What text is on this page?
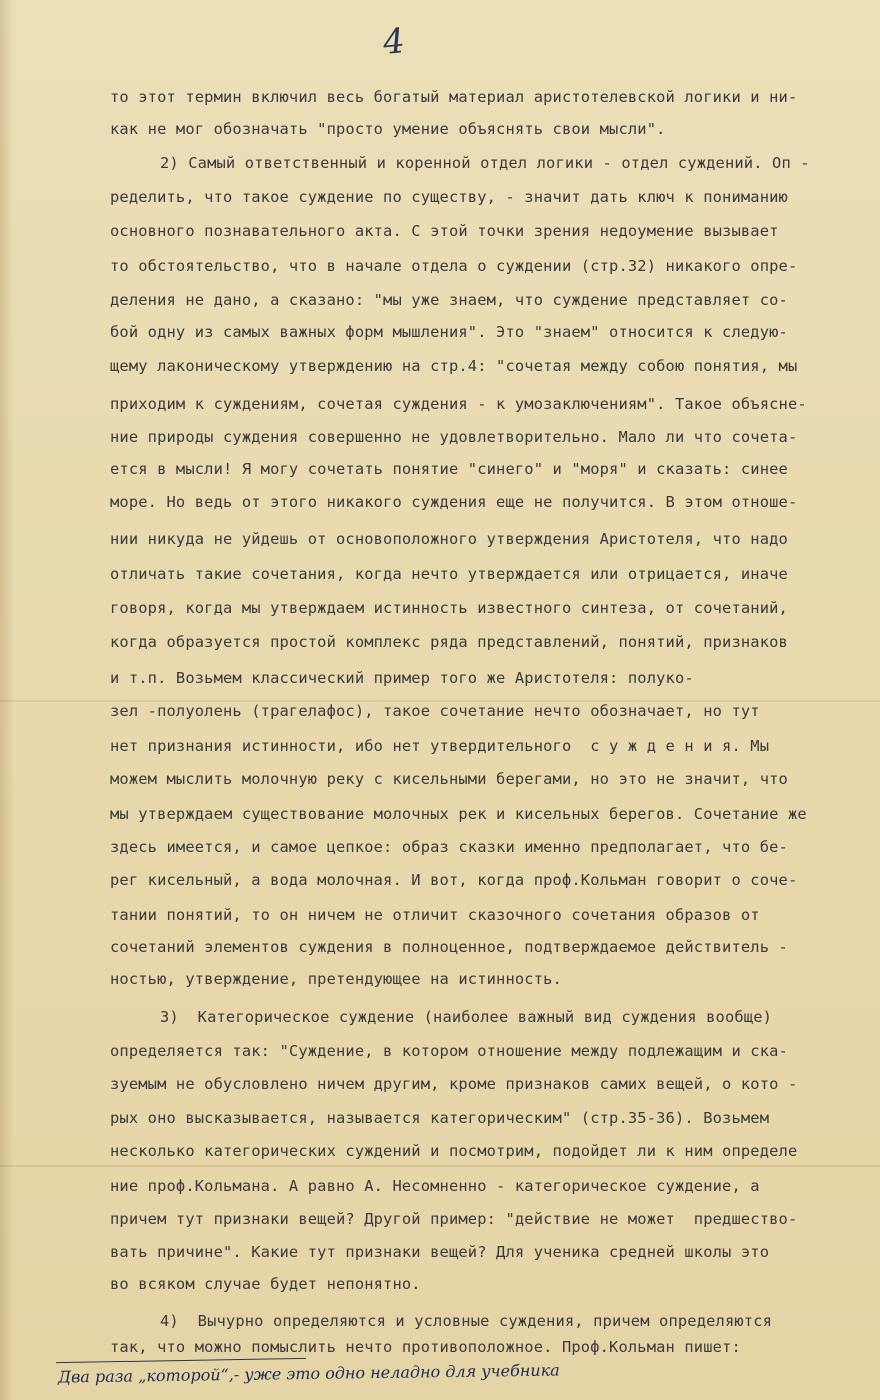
4
то этот термин включил весь богатый материал аристотелевской логики и ни-
как не мог обозначать "просто умение объяснять свои мысли".
2) Самый ответственный и коренной отдел логики - отдел суждений. Оп -
ределить, что такое суждение по существу, - значит дать ключ к пониманию
основного познавательного акта. С этой точки зрения недоумение вызывает
то обстоятельство, что в начале отдела о суждении (стр.32) никакого опре-
деления не дано, а сказано: "мы уже знаем, что суждение представляет со-
бой одну из самых важных форм мышления". Это "знаем" относится к следую-
щему лаконическому утверждению на стр.4: "сочетая между собою понятия, мы
приходим к суждениям, сочетая суждения - к умозаключениям". Такое объясне-
ние природы суждения совершенно не удовлетворительно. Мало ли что сочета-
ется в мысли! Я могу сочетать понятие "синего" и "моря" и сказать: синее
море. Но ведь от этого никакого суждения еще не получится. В этом отноше-
нии никуда не уйдешь от основоположного утверждения Аристотеля, что надо
отличать такие сочетания, когда нечто утверждается или отрицается, иначе
говоря, когда мы утверждаем истинность известного синтеза, от сочетаний,
когда образуется простой комплекс ряда представлений, понятий, признаков
и т.п. Возьмем классический пример того же Аристотеля: полуко-
зел -полуолень (трагелафос), такое сочетание нечто обозначает, но тут
нет признания истинности, ибо нет утвердительного  с у ж д е н и я. Мы
можем мыслить молочную реку с кисельными берегами, но это не значит, что
мы утверждаем существование молочных рек и кисельных берегов. Сочетание же
здесь имеется, и самое цепкое: образ сказки именно предполагает, что бе-
рег кисельный, а вода молочная. И вот, когда проф.Кольман говорит о соче-
тании понятий, то он ничем не отличит сказочного сочетания образов от
сочетаний элементов суждения в полноценное, подтверждаемое действитель -
ностью, утверждение, претендующее на истинность.
3)  Категорическое суждение (наиболее важный вид суждения вообще)
определяется так: "Суждение, в котором отношение между подлежащим и ска-
зуемым не обусловлено ничем другим, кроме признаков самих вещей, о кото -
рых оно высказывается, называется категорическим" (стр.35-36). Возьмем
несколько категорических суждений и посмотрим, подойдет ли к ним определе
ние проф.Кольмана. А равно А. Несомненно - категорическое суждение, а
причем тут признаки вещей? Другой пример: "действие не может  предшество-
вать причине". Какие тут признаки вещей? Для ученика средней школы это
во всяком случае будет непонятно.
4)  Вычурно определяются и условные суждения, причем определяются
так, что можно помыслить нечто противоположное. Проф.Кольман пишет:
Два раза „которой“,- уже это одно неладно для учебника
